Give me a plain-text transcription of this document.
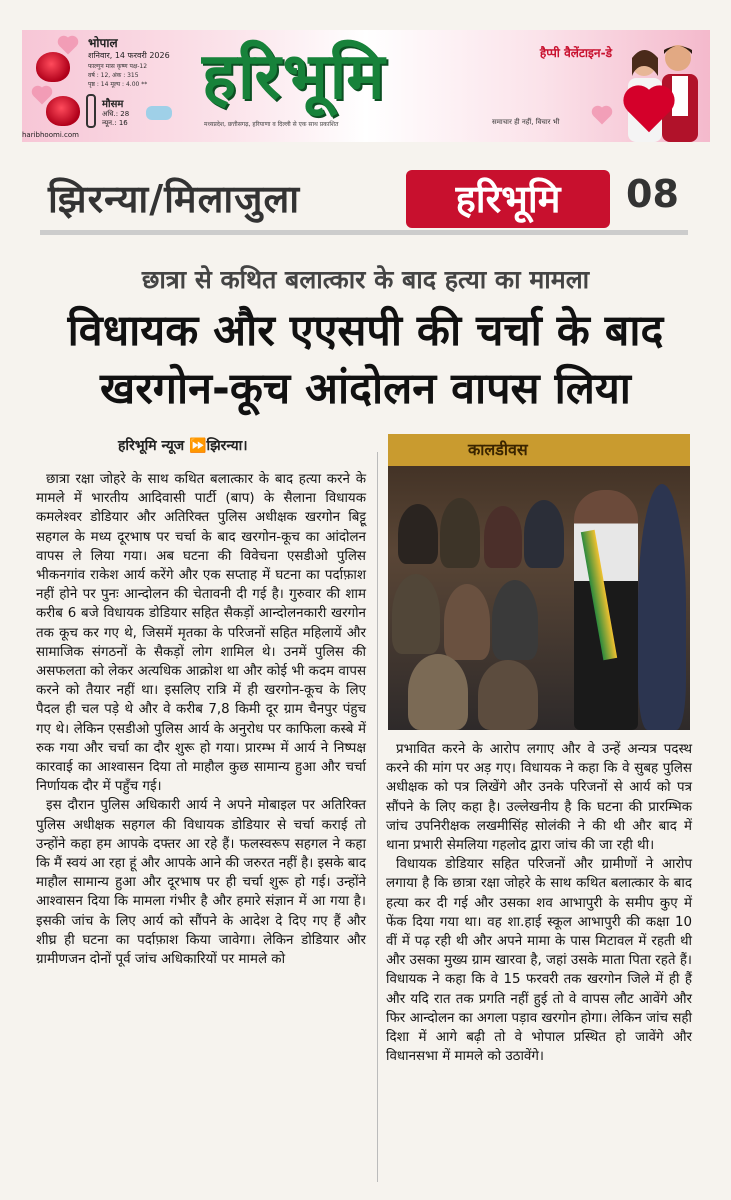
भोपाल
शनिवार, 14 फरवरी 2026
फाल्गुन मास कृष्ण पक्ष-12
वर्ष : 12, अंक : 315
पृष्ठ : 14 मूल्य : 4.00 **
मौसम
अधि.: 28
न्यून.: 16
हरिभूमि
मध्यप्रदेश, छत्तीसगढ़, हरियाणा व दिल्ली से एक साथ प्रकाशित	समाचार ही नहीं, विचार भी
haribhoomi.com
हैप्पी वैलेंटाइन-डे
झिरन्या/मिलाजुला	हरिभूमि	08
छात्रा से कथित बलात्कार के बाद हत्या का मामला
विधायक और एएसपी की चर्चा के बाद
खरगोन-कूच आंदोलन वापस लिया
हरिभूमि न्यूज ⏩झिरन्या।	कालडीवस

छात्रा रक्षा जोहरे के साथ कथित बलात्कार के बाद हत्या करने के मामले में भारतीय आदिवासी पार्टी (बाप) के सैलाना विधायक कमलेश्वर डोडियार और अतिरिक्त पुलिस अधीक्षक खरगोन बिट्टू सहगल के मध्य दूरभाष पर चर्चा के बाद खरगोन-कूच का आंदोलन वापस ले लिया गया। अब घटना की विवेचना एसडीओ पुलिस भीकनगांव राकेश आर्य करेंगे और एक सप्ताह में घटना का पर्दाफ़ाश नहीं होने पर पुनः आन्दोलन की चेतावनी दी गई है। गुरुवार की शाम करीब 6 बजे विधायक डोडियार सहित सैकड़ों आन्दोलनकारी खरगोन तक कूच कर गए थे, जिसमें मृतका के परिजनों सहित महिलायें और सामाजिक संगठनों के सैकड़ों लोग शामिल थे। उनमें पुलिस की असफलता को लेकर अत्यधिक आक्रोश था और कोई भी कदम वापस करने को तैयार नहीं था। इसलिए रात्रि में ही खरगोन-कूच के लिए पैदल ही चल पड़े थे और वे करीब 7,8 किमी दूर ग्राम चैनपुर पंहुच गए थे। लेकिन एसडीओ पुलिस आर्य के अनुरोध पर काफिला कस्बे में रुक गया और चर्चा का दौर शुरू हो गया। प्रारम्भ में आर्य ने निष्पक्ष कारवाई का आश्वासन दिया तो माहौल कुछ सामान्य हुआ और चर्चा निर्णायक दौर में पहुँच गई।

इस दौरान पुलिस अधिकारी आर्य ने अपने मोबाइल पर अतिरिक्त पुलिस अधीक्षक सहगल की विधायक डोडियार से चर्चा कराई तो उन्होंने कहा हम आपके दफ्तर आ रहे हैं। फलस्वरूप सहगल ने कहा कि मैं स्वयं आ रहा हूं और आपके आने की जरुरत नहीं है। इसके बाद माहौल सामान्य हुआ और दूरभाष पर ही चर्चा शुरू हो गई। उन्होंने आश्वासन दिया कि मामला गंभीर है और हमारे संज्ञान में आ गया है। इसकी जांच के लिए आर्य को सौंपने के आदेश दे दिए गए हैं और शीघ्र ही घटना का पर्दाफ़ाश किया जावेगा। लेकिन डोडियार और ग्रामीणजन दोनों पूर्व जांच अधिकारियों पर मामले को

प्रभावित करने के आरोप लगाए और वे उन्हें अन्यत्र पदस्थ करने की मांग पर अड़ गए। विधायक ने कहा कि वे सुबह पुलिस अधीक्षक को पत्र लिखेंगे और उनके परिजनों से आर्य को पत्र सौंपने के लिए कहा है। उल्लेखनीय है कि घटना की प्रारम्भिक जांच उपनिरीक्षक लखमीसिंह सोलंकी ने की थी और बाद में थाना प्रभारी सेमलिया गहलोद द्वारा जांच की जा रही थी।

विधायक डोडियार सहित परिजनों और ग्रामीणों ने आरोप लगाया है कि छात्रा रक्षा जोहरे के साथ कथित बलात्कार के बाद हत्या कर दी गई और उसका शव आभापुरी के समीप कुए में फेंक दिया गया था। वह शा.हाई स्कूल आभापुरी की कक्षा 10 वीं में पढ़ रही थी और अपने मामा के पास मिटावल में रहती थी और उसका मुख्य ग्राम खारवा है, जहां उसके माता पिता रहते हैं। विधायक ने कहा कि वे 15 फरवरी तक खरगोन जिले में ही हैं और यदि रात तक प्रगति नहीं हुई तो वे वापस लौट आवेंगे और फिर आन्दोलन का अगला पड़ाव खरगोन होगा। लेकिन जांच सही दिशा में आगे बढ़ी तो वे भोपाल प्रस्थित हो जावेंगे और विधानसभा में मामले को उठावेंगे।
